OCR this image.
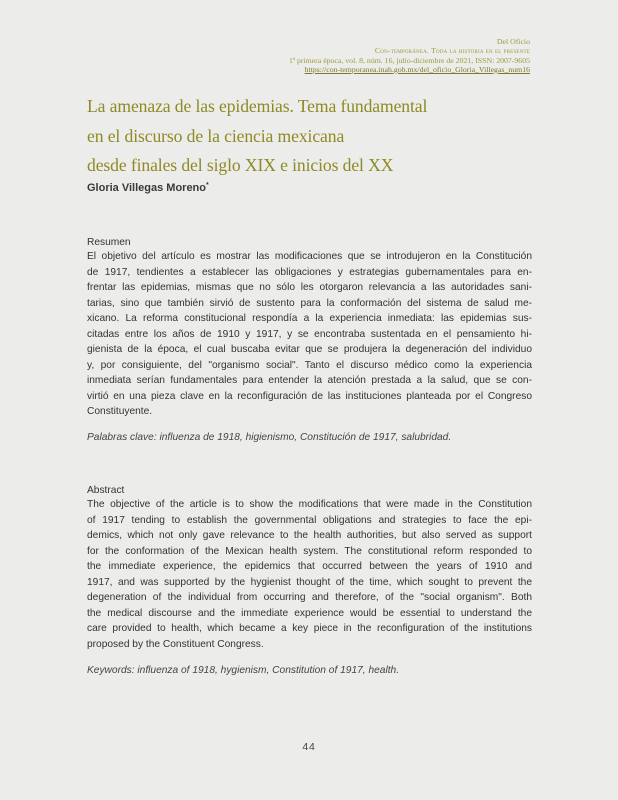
Del Oficio
Con-temporánea. Toda la historia en el presente
1ª primera época, vol. 8, núm. 16, julio-diciembre de 2021, ISSN: 2007-9605
https://con-temporanea.inah.gob.mx/del_oficio_Gloria_Villegas_num16
La amenaza de las epidemias. Tema fundamental
en el discurso de la ciencia mexicana
desde finales del siglo XIX e inicios del XX
Gloria Villegas Moreno*
Resumen
El objetivo del artículo es mostrar las modificaciones que se introdujeron en la Constitución
de 1917, tendientes a establecer las obligaciones y estrategias gubernamentales para en-
frentar las epidemias, mismas que no sólo les otorgaron relevancia a las autoridades sani-
tarias, sino que también sirvió de sustento para la conformación del sistema de salud me-
xicano. La reforma constitucional respondía a la experiencia inmediata: las epidemias sus-
citadas entre los años de 1910 y 1917, y se encontraba sustentada en el pensamiento hi-
gienista de la época, el cual buscaba evitar que se produjera la degeneración del individuo
y, por consiguiente, del "organismo social". Tanto el discurso médico como la experiencia
inmediata serían fundamentales para entender la atención prestada a la salud, que se con-
virtió en una pieza clave en la reconfiguración de las instituciones planteada por el Congreso
Constituyente.
Palabras clave: influenza de 1918, higienismo, Constitución de 1917, salubridad.
Abstract
The objective of the article is to show the modifications that were made in the Constitution
of 1917 tending to establish the governmental obligations and strategies to face the epi-
demics, which not only gave relevance to the health authorities, but also served as support
for the conformation of the Mexican health system. The constitutional reform responded to
the immediate experience, the epidemics that occurred between the years of 1910 and
1917, and was supported by the hygienist thought of the time, which sought to prevent the
degeneration of the individual from occurring and therefore, of the "social organism". Both
the medical discourse and the immediate experience would be essential to understand the
care provided to health, which became a key piece in the reconfiguration of the institutions
proposed by the Constituent Congress.
Keywords: influenza of 1918, hygienism, Constitution of 1917, health.
44
